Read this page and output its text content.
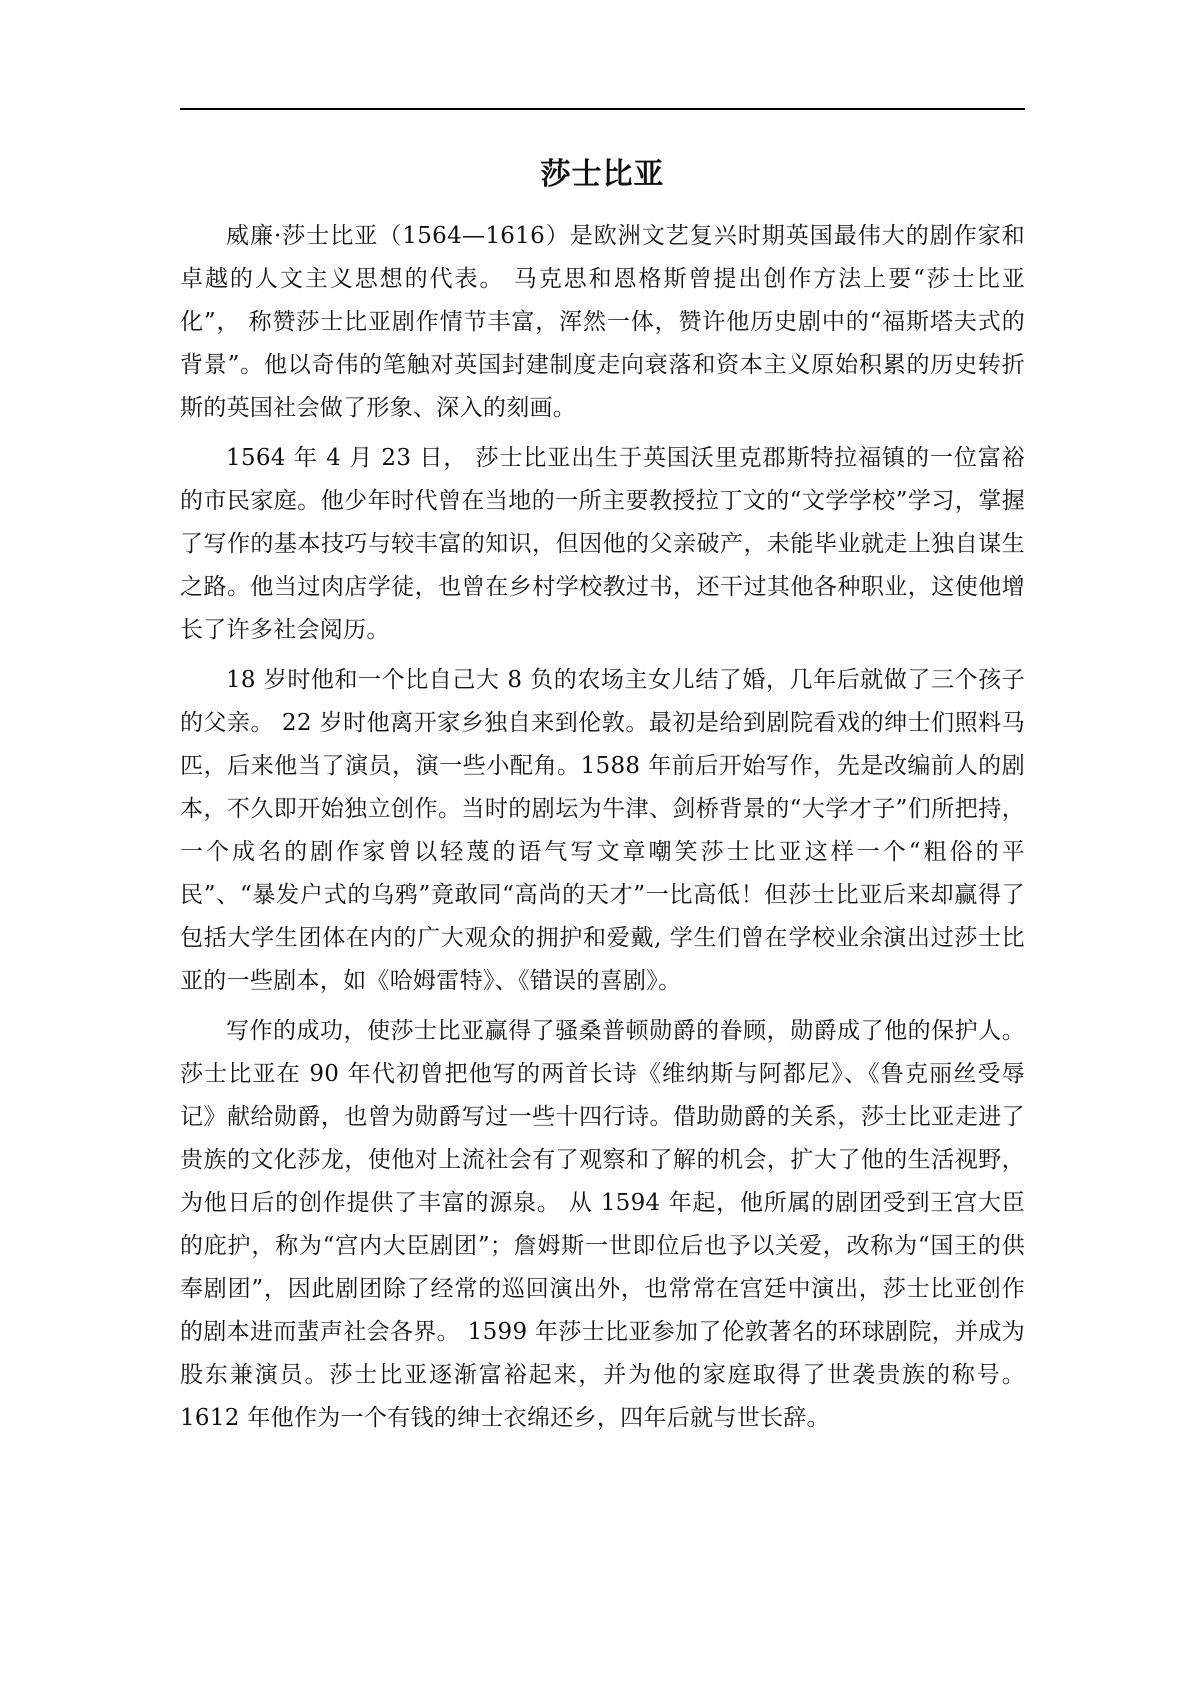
莎士比亚

威廉·莎士比亚（1564—1616）是欧洲文艺复兴时期英国最伟大的剧作家和卓越的人文主义思想的代表。 马克思和恩格斯曾提出创作方法上要“莎士比亚化”， 称赞莎士比亚剧作情节丰富，浑然一体，赞许他历史剧中的“福斯塔夫式的背景”。他以奇伟的笔触对英国封建制度走向衰落和资本主义原始积累的历史转折斯的英国社会做了形象、深入的刻画。

1564 年 4 月 23 日， 莎士比亚出生于英国沃里克郡斯特拉福镇的一位富裕的市民家庭。他少年时代曾在当地的一所主要教授拉丁文的“文学学校”学习，掌握了写作的基本技巧与较丰富的知识，但因他的父亲破产，未能毕业就走上独自谋生之路。他当过肉店学徒，也曾在乡村学校教过书，还干过其他各种职业，这使他增长了许多社会阅历。

18 岁时他和一个比自己大 8 负的农场主女儿结了婚，几年后就做了三个孩子的父亲。 22 岁时他离开家乡独自来到伦敦。最初是给到剧院看戏的绅士们照料马匹，后来他当了演员，演一些小配角。1588 年前后开始写作，先是改编前人的剧本，不久即开始独立创作。当时的剧坛为牛津、剑桥背景的“大学才子”们所把持，一个成名的剧作家曾以轻蔑的语气写文章嘲笑莎士比亚这样一个“粗俗的平民”、“暴发户式的乌鸦”竟敢同“高尚的天才”一比高低！但莎士比亚后来却赢得了包括大学生团体在内的广大观众的拥护和爱戴, 学生们曾在学校业余演出过莎士比亚的一些剧本，如《哈姆雷特》、《错误的喜剧》。

写作的成功，使莎士比亚赢得了骚桑普顿勋爵的眷顾，勋爵成了他的保护人。莎士比亚在 90 年代初曾把他写的两首长诗《维纳斯与阿都尼》、《鲁克丽丝受辱记》献给勋爵，也曾为勋爵写过一些十四行诗。借助勋爵的关系，莎士比亚走进了贵族的文化莎龙，使他对上流社会有了观察和了解的机会，扩大了他的生活视野，为他日后的创作提供了丰富的源泉。 从 1594 年起，他所属的剧团受到王宫大臣的庇护，称为“宫内大臣剧团”；詹姆斯一世即位后也予以关爱，改称为“国王的供奉剧团”，因此剧团除了经常的巡回演出外，也常常在宫廷中演出，莎士比亚创作的剧本进而蜚声社会各界。 1599 年莎士比亚参加了伦敦著名的环球剧院，并成为股东兼演员。莎士比亚逐渐富裕起来，并为他的家庭取得了世袭贵族的称号。1612 年他作为一个有钱的绅士衣绵还乡，四年后就与世长辞。
